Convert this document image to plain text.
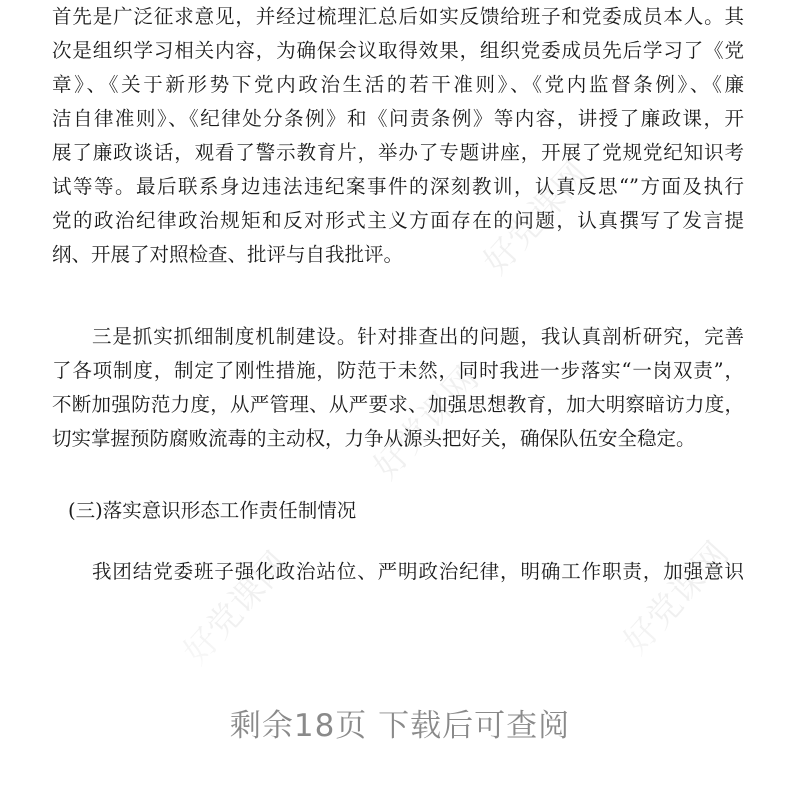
好党课网
好党课网
好党课网	好党课网
首先是广泛征求意见，并经过梳理汇总后如实反馈给班子和党委成员本人。其
次是组织学习相关内容，为确保会议取得效果，组织党委成员先后学习了《党
章》、《关于新形势下党内政治生活的若干准则》、《党内监督条例》、《廉
洁自律准则》、《纪律处分条例》和《问责条例》等内容，讲授了廉政课，开
展了廉政谈话，观看了警示教育片，举办了专题讲座，开展了党规党纪知识考
试等等。最后联系身边违法违纪案事件的深刻教训，认真反思“”方面及执行
党的政治纪律政治规矩和反对形式主义方面存在的问题，认真撰写了发言提
纲、开展了对照检查、批评与自我批评。
三是抓实抓细制度机制建设。针对排查出的问题，我认真剖析研究，完善
了各项制度，制定了刚性措施，防范于未然，同时我进一步落实“一岗双责”，
不断加强防范力度，从严管理、从严要求、加强思想教育，加大明察暗访力度，
切实掌握预防腐败流毒的主动权，力争从源头把好关，确保队伍安全稳定。
(三)落实意识形态工作责任制情况
我团结党委班子强化政治站位、严明政治纪律，明确工作职责，加强意识
剩余18页 下载后可查阅
